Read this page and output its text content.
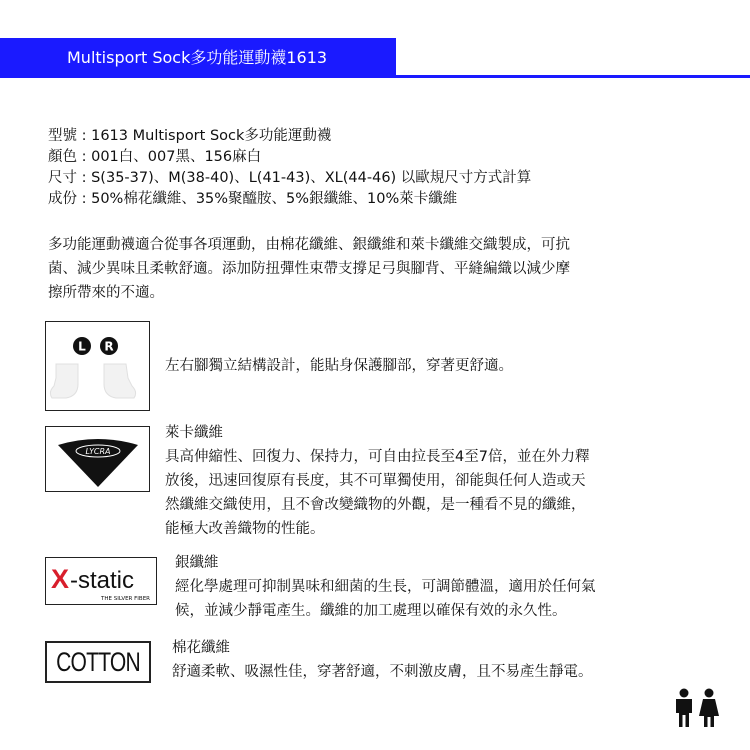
Multisport Sock多功能運動襪1613
型號 : 1613 Multisport Sock多功能運動襪
顏色 : 001白、007黑、156麻白
尺寸 : S(35-37)、M(38-40)、L(41-43)、XL(44-46) 以歐規尺寸方式計算
成份 : 50%棉花纖維、35%聚醯胺、5%銀纖維、10%萊卡纖維
多功能運動襪適合從事各項運動，由棉花纖維、銀纖維和萊卡纖維交織製成，可抗
菌、減少異味且柔軟舒適。添加防扭彈性束帶支撐足弓與腳背、平縫編織以減少摩
擦所帶來的不適。
L R
左右腳獨立結構設計，能貼身保護腳部，穿著更舒適。
LYCRA
萊卡纖維
具高伸縮性、回復力、保持力，可自由拉長至4至7倍，並在外力釋
放後，迅速回復原有長度，其不可單獨使用，卻能與任何人造或天
然纖維交織使用，且不會改變織物的外觀，是一種看不見的纖維，
能極大改善織物的性能。
X -static
THE SILVER FIBER
銀纖維
經化學處理可抑制異味和細菌的生長，可調節體溫，適用於任何氣
候，並減少靜電產生。纖維的加工處理以確保有效的永久性。
COTTON 棉花纖維
舒適柔軟、吸濕性佳，穿著舒適，不刺激皮膚，且不易產生靜電。
